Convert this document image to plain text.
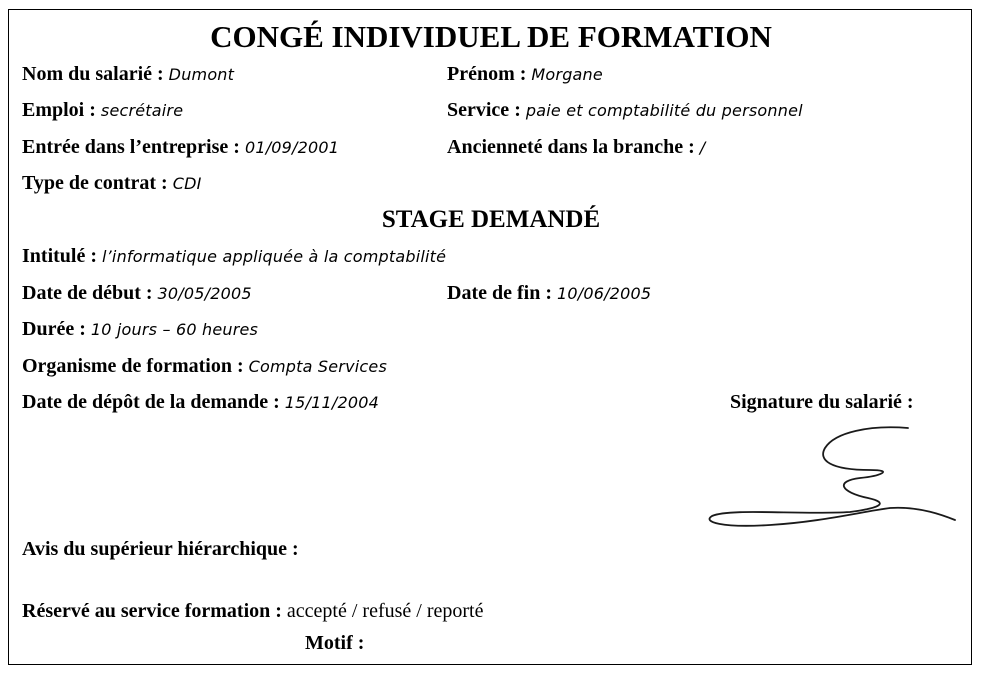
CONGÉ INDIVIDUEL DE FORMATION
Nom du salarié : Dumont	Prénom : Morgane
Emploi : secrétaire	Service : paie et comptabilité du personnel
Entrée dans l’entreprise : 01/09/2001	Ancienneté dans la branche : /
Type de contrat : CDI
STAGE DEMANDÉ
Intitulé : l’informatique appliquée à la comptabilité
Date de début : 30/05/2005	Date de fin : 10/06/2005
Durée : 10 jours – 60 heures
Organisme de formation : Compta Services
Date de dépôt de la demande : 15/11/2004	Signature du salarié :
Avis du supérieur hiérarchique :
Réservé au service formation : accepté / refusé / reporté
Motif :
